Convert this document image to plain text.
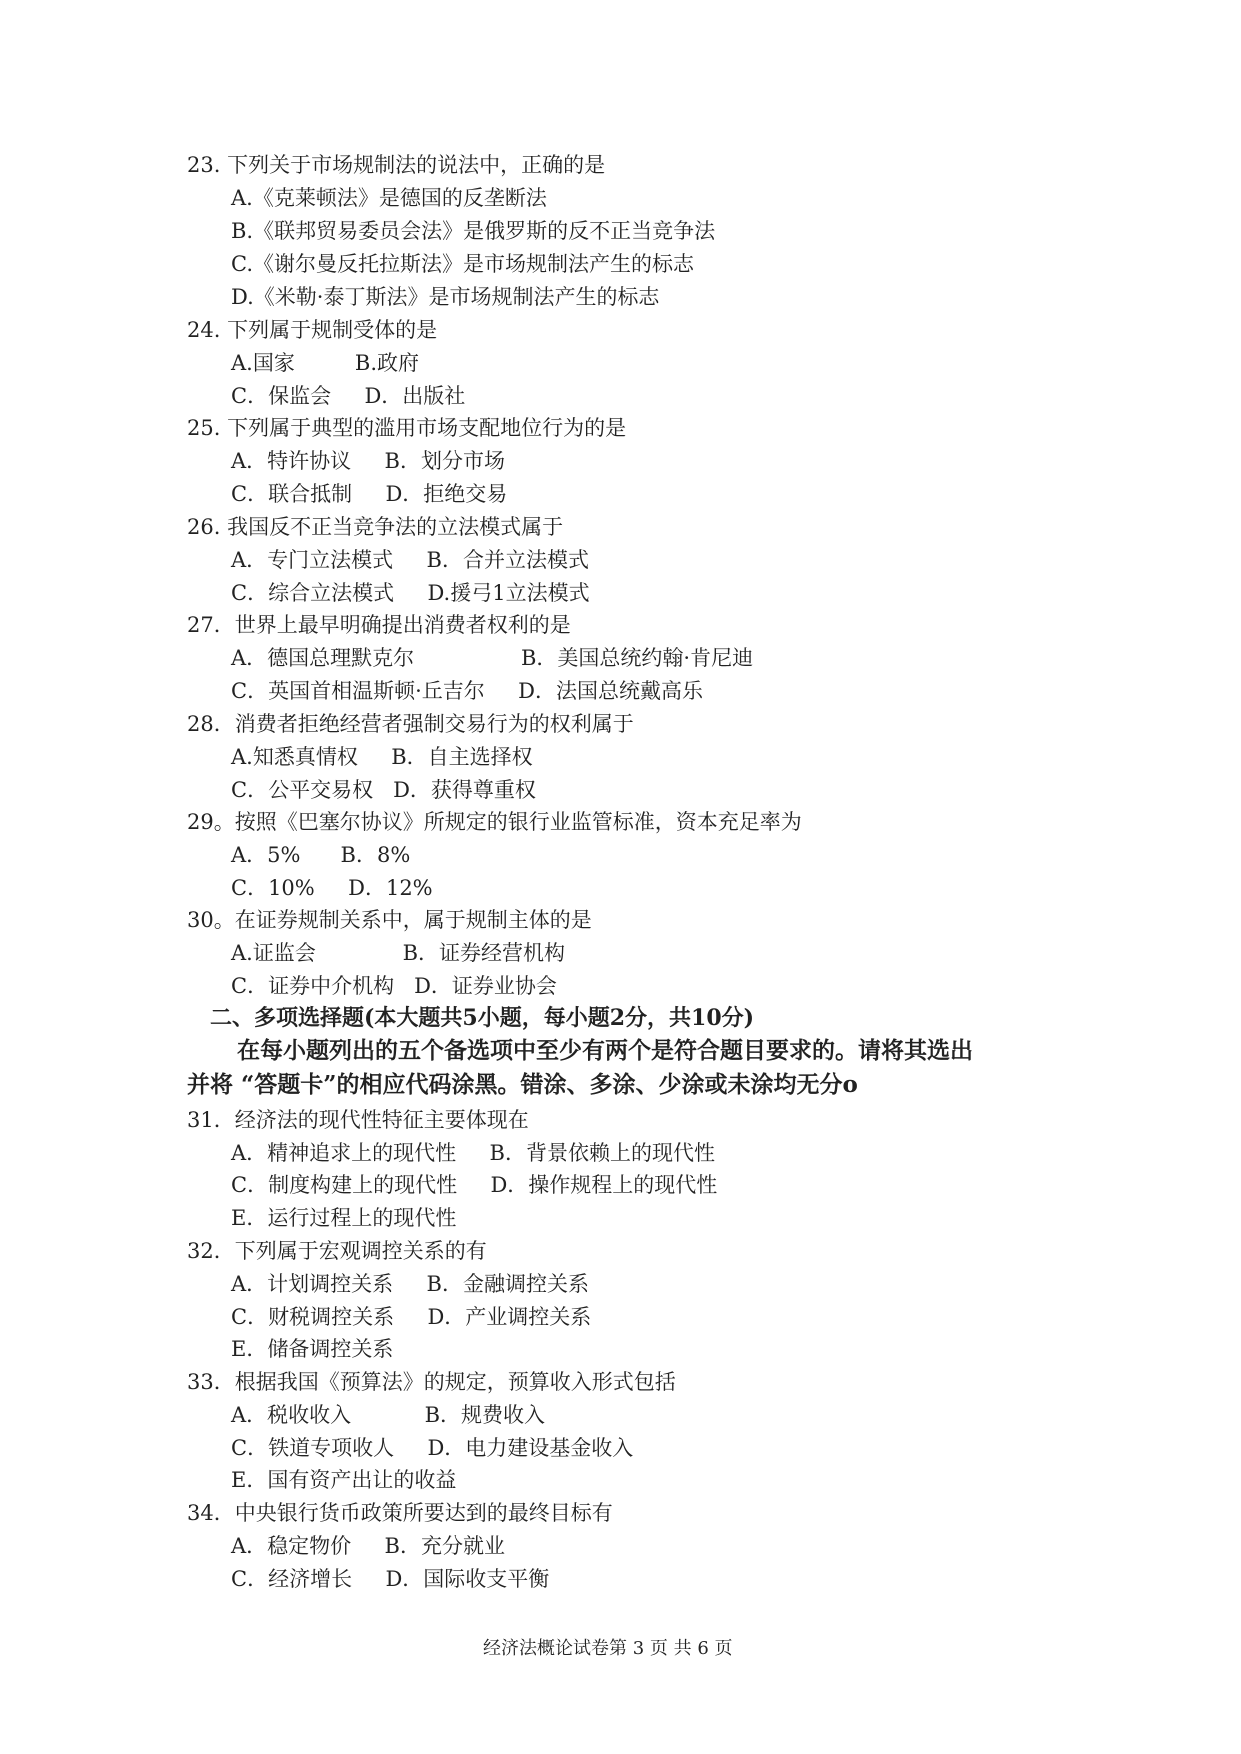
23. 下列关于市场规制法的说法中，正确的是
A.《克莱顿法》是德国的反垄断法
B.《联邦贸易委员会法》是俄罗斯的反不正当竞争法
C.《谢尔曼反托拉斯法》是市场规制法产生的标志
D.《米勒·泰丁斯法》是市场规制法产生的标志
24. 下列属于规制受体的是
A.国家         B.政府
C．保监会     D．出版社
25. 下列属于典型的滥用市场支配地位行为的是
A．特许协议     B．划分市场
C．联合抵制     D．拒绝交易
26. 我国反不正当竞争法的立法模式属于
A．专门立法模式     B．合并立法模式
C．综合立法模式     D.援弓1立法模式
27．世界上最早明确提出消费者权利的是
A．德国总理默克尔                B．美国总统约翰·肯尼迪
C．英国首相温斯顿·丘吉尔     D．法国总统戴高乐
28．消费者拒绝经营者强制交易行为的权利属于
A.知悉真情权     B．自主选择权
C．公平交易权   D．获得尊重权
29。按照《巴塞尔协议》所规定的银行业监管标准，资本充足率为
A．5%      B．8%
C．10%     D．12%
30。在证券规制关系中，属于规制主体的是
A.证监会             B．证券经营机构
C．证券中介机构   D．证券业协会
二、多项选择题(本大题共5小题，每小题2分，共10分)
在每小题列出的五个备选项中至少有两个是符合题目要求的。请将其选出
并将 “答题卡”的相应代码涂黑。错涂、多涂、少涂或未涂均无分o
31．经济法的现代性特征主要体现在
A．精神追求上的现代性     B．背景依赖上的现代性
C．制度构建上的现代性     D．操作规程上的现代性
E．运行过程上的现代性
32．下列属于宏观调控关系的有
A．计划调控关系     B．金融调控关系
C．财税调控关系     D．产业调控关系
E．储备调控关系
33．根据我国《预算法》的规定，预算收入形式包括
A．税收收入           B．规费收入
C．铁道专项收人     D．电力建设基金收入
E．国有资产出让的收益
34．中央银行货币政策所要达到的最终目标有
A．稳定物价     B．充分就业
C．经济增长     D．国际收支平衡
经济法概论试卷第 3 页 共 6 页
